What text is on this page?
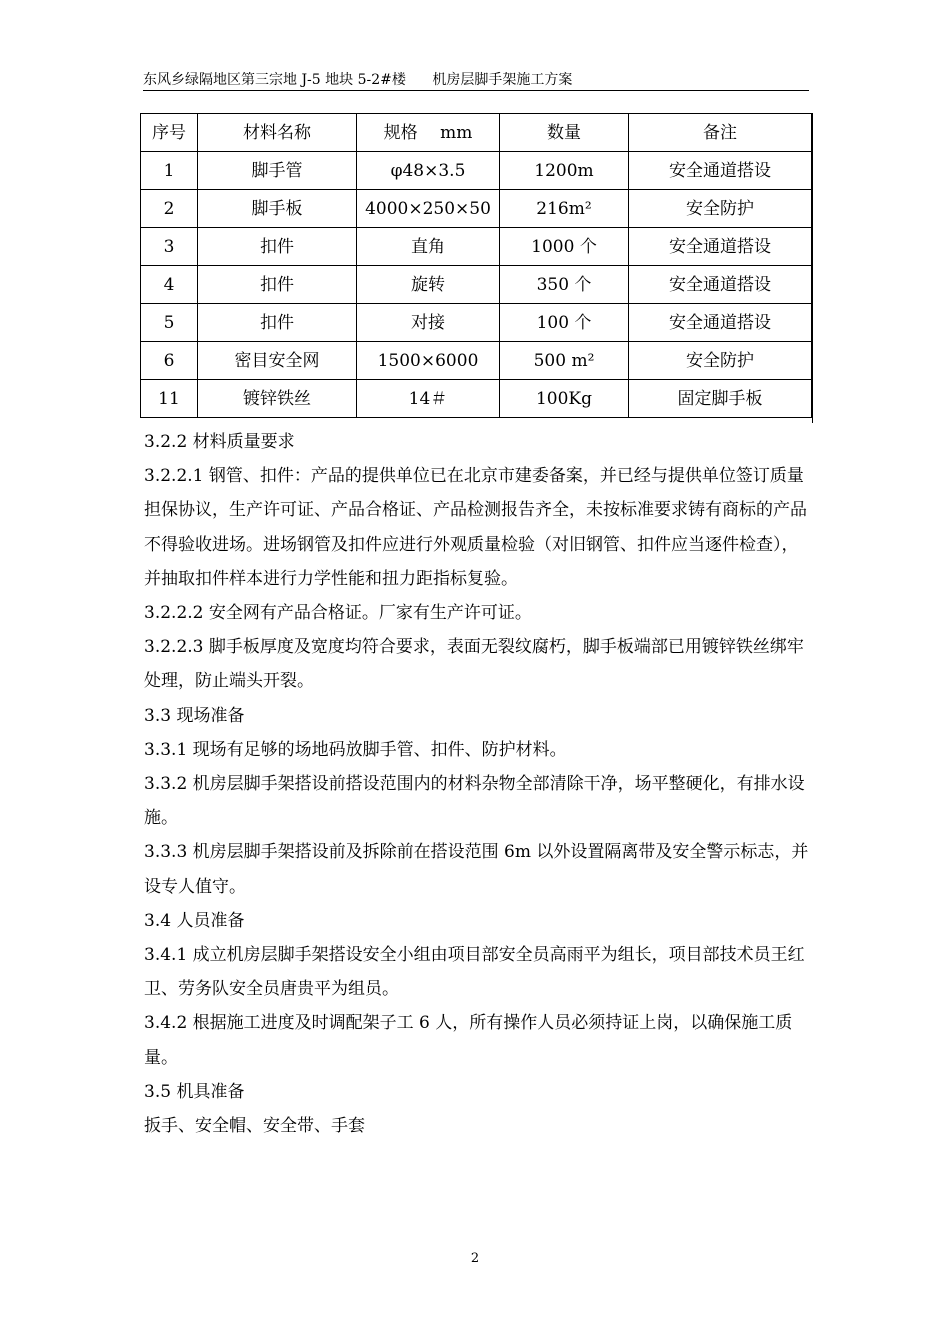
东风乡绿隔地区第三宗地 J-5 地块 5-2#楼 机房层脚手架施工方案
序号	材料名称	规格　 mm	数量	备注
1	脚手管	φ48×3.5	1200m	安全通道搭设
2	脚手板	4000×250×50	216m²	安全防护
3	扣件	直角	1000 个	安全通道搭设
4	扣件	旋转	350 个	安全通道搭设
5	扣件	对接	100 个	安全通道搭设
6	密目安全网	1500×6000	500 m²	安全防护
11	镀锌铁丝	14＃	100Kg	固定脚手板

3.2.2 材料质量要求

3.2.2.1 钢管、扣件：产品的提供单位已在北京市建委备案，并已经与提供单位签订质量担保协议，生产许可证、产品合格证、产品检测报告齐全，未按标准要求铸有商标的产品不得验收进场。进场钢管及扣件应进行外观质量检验（对旧钢管、扣件应当逐件检查），并抽取扣件样本进行力学性能和扭力距指标复验。

3.2.2.2 安全网有产品合格证。厂家有生产许可证。

3.2.2.3 脚手板厚度及宽度均符合要求，表面无裂纹腐朽，脚手板端部已用镀锌铁丝绑牢处理，防止端头开裂。

3.3 现场准备

3.3.1 现场有足够的场地码放脚手管、扣件、防护材料。

3.3.2 机房层脚手架搭设前搭设范围内的材料杂物全部清除干净，场平整硬化，有排水设施。

3.3.3 机房层脚手架搭设前及拆除前在搭设范围 6m 以外设置隔离带及安全警示标志，并设专人值守。

3.4 人员准备

3.4.1 成立机房层脚手架搭设安全小组由项目部安全员高雨平为组长，项目部技术员王红卫、劳务队安全员唐贵平为组员。

3.4.2 根据施工进度及时调配架子工 6 人，所有操作人员必须持证上岗，以确保施工质量。

3.5 机具准备

扳手、安全帽、安全带、手套

2
